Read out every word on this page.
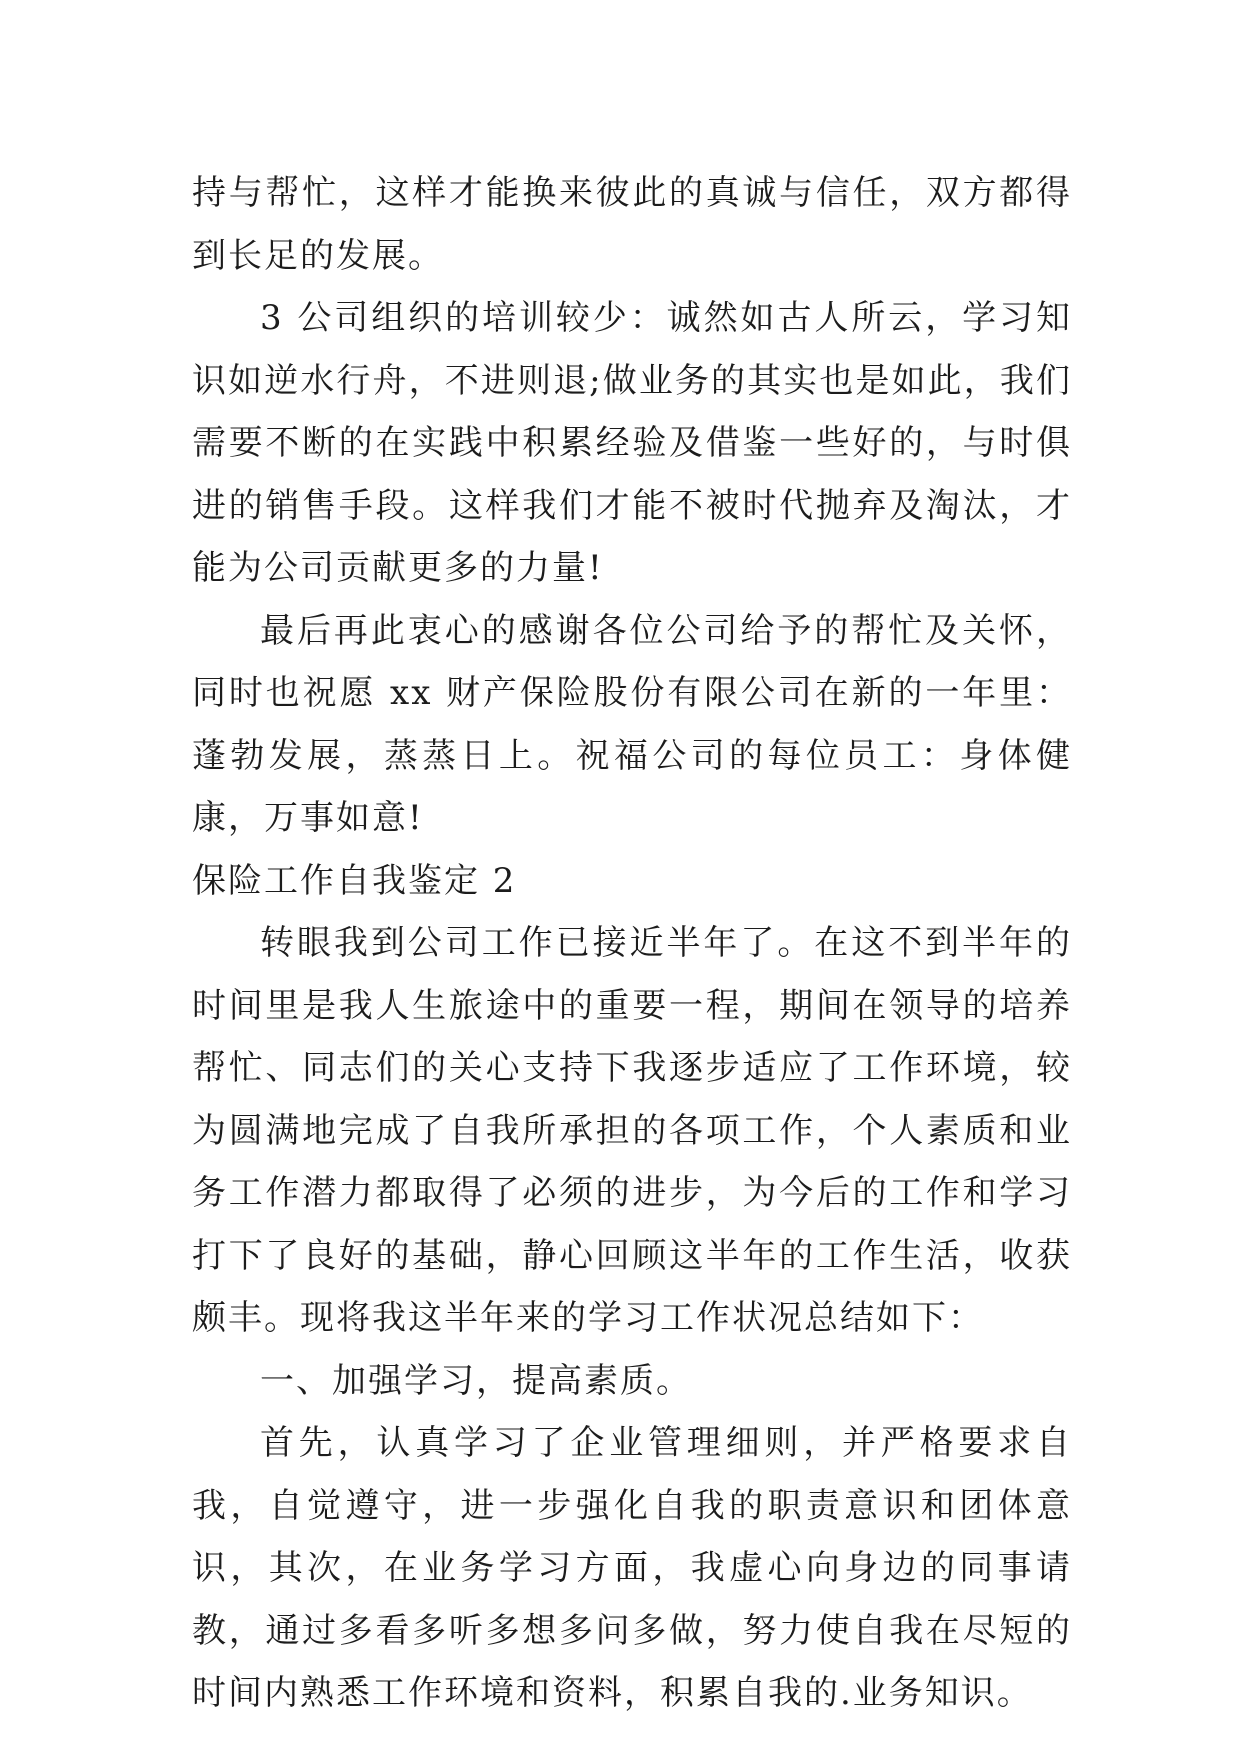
持与帮忙，这样才能换来彼此的真诚与信任，双方都得到长足的发展。

3 公司组织的培训较少：诚然如古人所云，学习知识如逆水行舟，不进则退;做业务的其实也是如此，我们需要不断的在实践中积累经验及借鉴一些好的，与时俱进的销售手段。这样我们才能不被时代抛弃及淘汰，才能为公司贡献更多的力量!

最后再此衷心的感谢各位公司给予的帮忙及关怀，同时也祝愿 xx 财产保险股份有限公司在新的一年里：蓬勃发展，蒸蒸日上。祝福公司的每位员工：身体健康，万事如意!

保险工作自我鉴定 2

转眼我到公司工作已接近半年了。在这不到半年的时间里是我人生旅途中的重要一程，期间在领导的培养帮忙、同志们的关心支持下我逐步适应了工作环境，较为圆满地完成了自我所承担的各项工作，个人素质和业务工作潜力都取得了必须的进步，为今后的工作和学习打下了良好的基础，静心回顾这半年的工作生活，收获颇丰。现将我这半年来的学习工作状况总结如下：

一、加强学习，提高素质。

首先，认真学习了企业管理细则，并严格要求自我，自觉遵守，进一步强化自我的职责意识和团体意识，其次，在业务学习方面，我虚心向身边的同事请教，通过多看多听多想多问多做，努力使自我在尽短的时间内熟悉工作环境和资料，积累自我的.业务知识。
